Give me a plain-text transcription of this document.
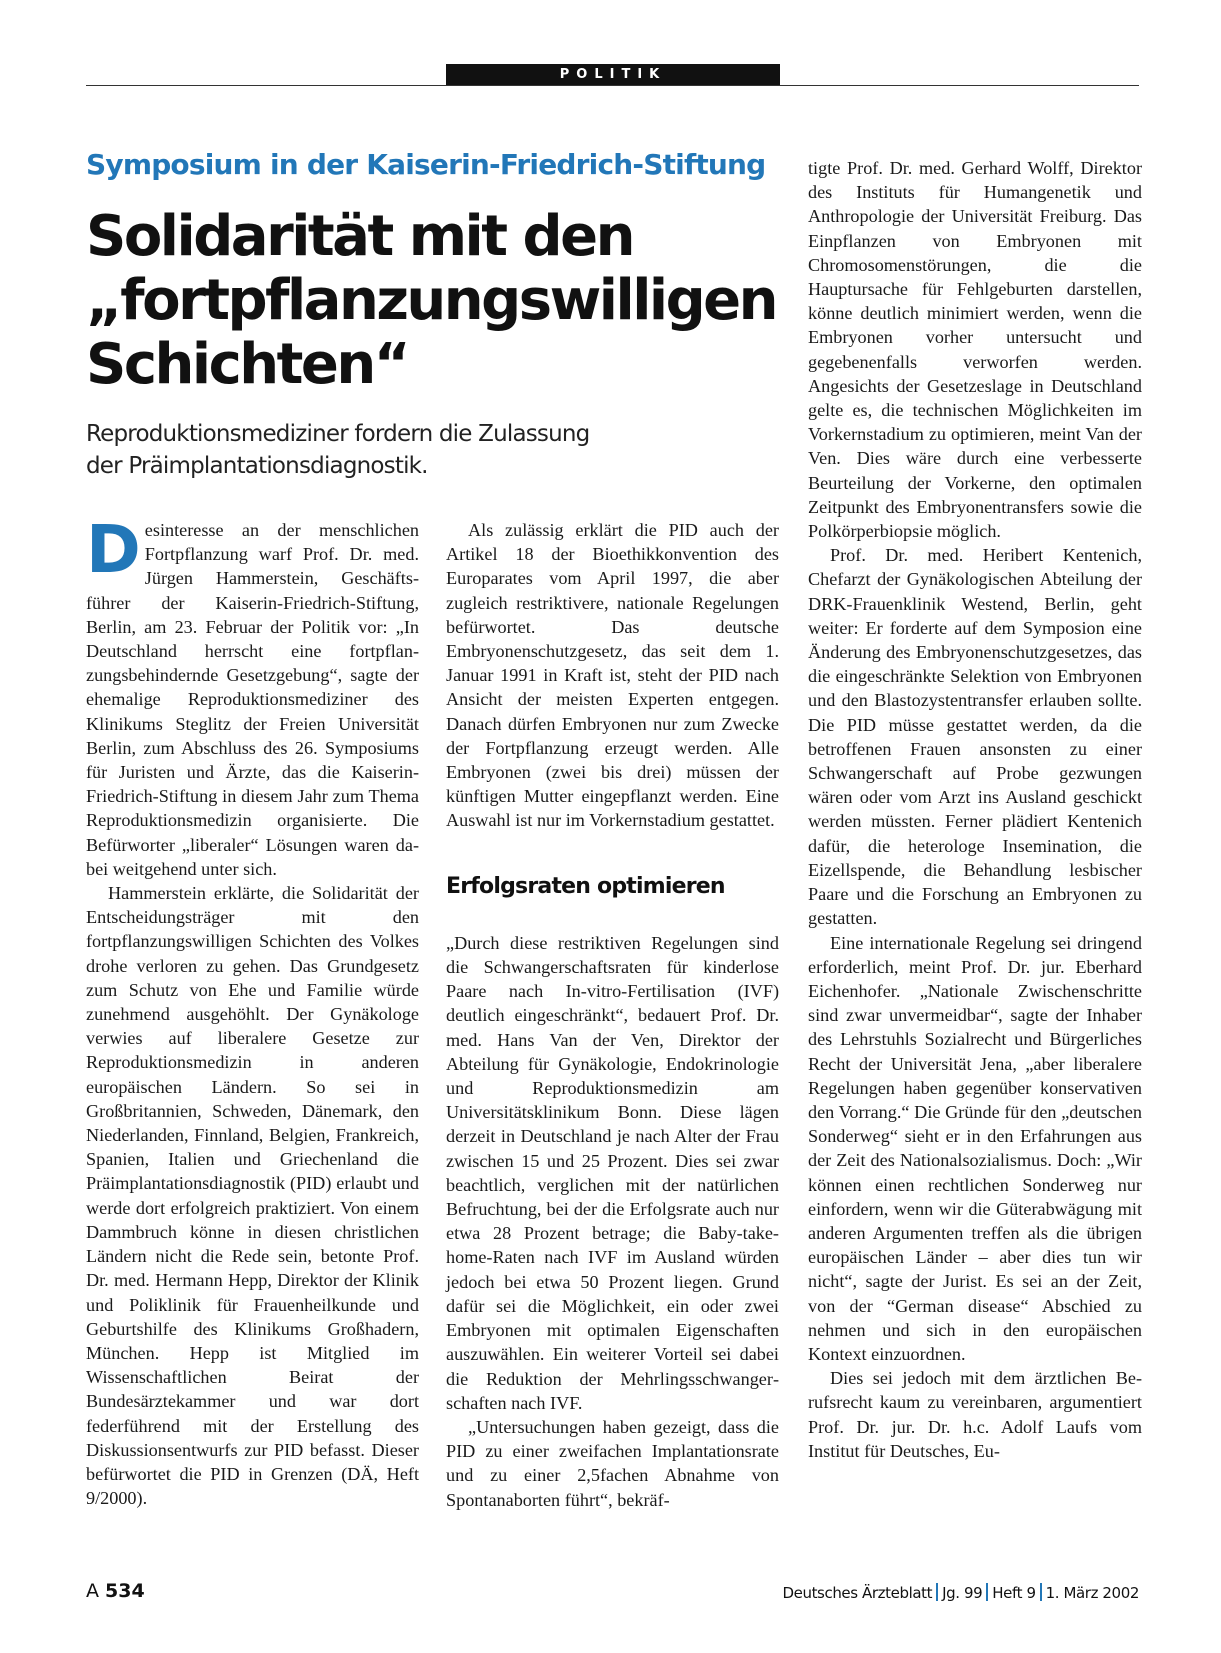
POLITIK
Symposium in der Kaiserin-Friedrich-Stiftung
Solidarität mit den
„fortpflanzungswilligen
Schichten“
Reproduktionsmediziner fordern die Zulassung
der Präimplantationsdiagnostik.

Desinteresse an der menschlichen Fortpflanzung warf Prof. Dr. med. Jürgen Hammerstein, Geschäftsführer der Kaiserin-Friedrich-Stiftung, Berlin, am 23. Februar der Politik vor: „In Deutschland herrscht eine fortpflanzungsbehindernde Gesetzgebung“, sagte der ehemalige Reproduktionsmediziner des Klinikums Steglitz der Freien Universität Berlin, zum Abschluss des 26. Symposiums für Juristen und Ärzte, das die Kaiserin-Friedrich-Stiftung in diesem Jahr zum Thema Reproduktionsmedizin organisierte. Die Befürworter „liberaler“ Lösungen waren dabei weitgehend unter sich.

Hammerstein erklärte, die Solidarität der Entscheidungsträger mit den fortpflanzungswilligen Schichten des Volkes drohe verloren zu gehen. Das Grundgesetz zum Schutz von Ehe und Familie würde zunehmend ausgehöhlt. Der Gynäkologe verwies auf liberalere Gesetze zur Reproduktionsmedizin in anderen europäischen Ländern. So sei in Großbritannien, Schweden, Dänemark, den Niederlanden, Finnland, Belgien, Frankreich, Spanien, Italien und Griechenland die Präimplantationsdiagnostik (PID) erlaubt und werde dort erfolgreich praktiziert. Von einem Dammbruch könne in diesen christlichen Ländern nicht die Rede sein, betonte Prof. Dr. med. Hermann Hepp, Direktor der Klinik und Poliklinik für Frauenheilkunde und Geburtshilfe des Klinikums Großhadern, München. Hepp ist Mitglied im Wissenschaftlichen Beirat der Bundesärztekammer und war dort federführend mit der Erstellung des Diskussionsentwurfs zur PID befasst. Dieser befürwortet die PID in Grenzen (DÄ, Heft 9/2000).

Als zulässig erklärt die PID auch der Artikel 18 der Bioethikkonvention des Europarates vom April 1997, die aber zugleich restriktivere, nationale Regelungen befürwortet. Das deutsche Embryonenschutzgesetz, das seit dem 1. Januar 1991 in Kraft ist, steht der PID nach Ansicht der meisten Experten entgegen. Danach dürfen Embryonen nur zum Zwecke der Fortpflanzung erzeugt werden. Alle Embryonen (zwei bis drei) müssen der künftigen Mutter eingepflanzt werden. Eine Auswahl ist nur im Vorkernstadium gestattet.

Erfolgsraten optimieren

„Durch diese restriktiven Regelungen sind die Schwangerschaftsraten für kinderlose Paare nach In-vitro-Fertilisation (IVF) deutlich eingeschränkt“, bedauert Prof. Dr. med. Hans Van der Ven, Direktor der Abteilung für Gynäkologie, Endokrinologie und Reproduktionsmedizin am Universitätsklinikum Bonn. Diese lägen derzeit in Deutschland je nach Alter der Frau zwischen 15 und 25 Prozent. Dies sei zwar beachtlich, verglichen mit der natürlichen Befruchtung, bei der die Erfolgsrate auch nur etwa 28 Prozent betrage; die Baby-take-home-Raten nach IVF im Ausland würden jedoch bei etwa 50 Prozent liegen. Grund dafür sei die Möglichkeit, ein oder zwei Embryonen mit optimalen Eigenschaften auszuwählen. Ein weiterer Vorteil sei dabei die Reduktion der Mehrlingsschwangerschaften nach IVF.

„Untersuchungen haben gezeigt, dass die PID zu einer zweifachen Implantationsrate und zu einer 2,5fachen Abnahme von Spontanaborten führt“, bekräf-

tigte Prof. Dr. med. Gerhard Wolff, Direktor des Instituts für Humangenetik und Anthropologie der Universität Freiburg. Das Einpflanzen von Embryonen mit Chromosomenstörungen, die die Hauptursache für Fehlgeburten darstellen, könne deutlich minimiert werden, wenn die Embryonen vorher untersucht und gegebenenfalls verworfen werden. Angesichts der Gesetzeslage in Deutschland gelte es, die technischen Möglichkeiten im Vorkernstadium zu optimieren, meint Van der Ven. Dies wäre durch eine verbesserte Beurteilung der Vorkerne, den optimalen Zeitpunkt des Embryonentransfers sowie die Polkörperbiopsie möglich.

Prof. Dr. med. Heribert Kentenich, Chefarzt der Gynäkologischen Abteilung der DRK-Frauenklinik Westend, Berlin, geht weiter: Er forderte auf dem Symposion eine Änderung des Embryonenschutzgesetzes, das die eingeschränkte Selektion von Embryonen und den Blastozystentransfer erlauben sollte. Die PID müsse gestattet werden, da die betroffenen Frauen ansonsten zu einer Schwangerschaft auf Probe gezwungen wären oder vom Arzt ins Ausland geschickt werden müssten. Ferner plädiert Kentenich dafür, die heterologe Insemination, die Eizellspende, die Behandlung lesbischer Paare und die Forschung an Embryonen zu gestatten.

Eine internationale Regelung sei dringend erforderlich, meint Prof. Dr. jur. Eberhard Eichenhofer. „Nationale Zwischenschritte sind zwar unvermeidbar“, sagte der Inhaber des Lehrstuhls Sozialrecht und Bürgerliches Recht der Universität Jena, „aber liberalere Regelungen haben gegenüber konservativen den Vorrang.“ Die Gründe für den „deutschen Sonderweg“ sieht er in den Erfahrungen aus der Zeit des Nationalsozialismus. Doch: „Wir können einen rechtlichen Sonderweg nur einfordern, wenn wir die Güterabwägung mit anderen Argumenten treffen als die übrigen europäischen Länder – aber dies tun wir nicht“, sagte der Jurist. Es sei an der Zeit, von der “German disease“ Abschied zu nehmen und sich in den europäischen Kontext einzuordnen.

Dies sei jedoch mit dem ärztlichen Berufsrecht kaum zu vereinbaren, argumentiert Prof. Dr. jur. Dr. h.c. Adolf Laufs vom Institut für Deutsches, Eu-

A 534	Deutsches Ärzteblatt Jg. 99 Heft 9 1. März 2002
